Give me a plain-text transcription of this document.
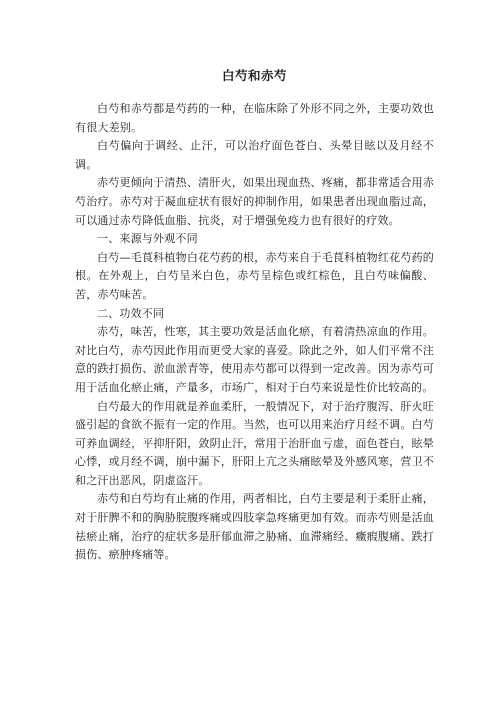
白芍和赤芍

白芍和赤芍都是芍药的一种，在临床除了外形不同之外，主要功效也有很大差别。

白芍偏向于调经、止汗，可以治疗面色苍白、头晕目眩以及月经不调。

赤芍更倾向于清热、清肝火，如果出现血热、疼痛，都非常适合用赤芍治疗。赤芍对于凝血症状有很好的抑制作用，如果患者出现血脂过高，可以通过赤芍降低血脂、抗炎，对于增强免疫力也有很好的疗效。

一、来源与外观不同

白芍—毛茛科植物白花芍药的根，赤芍来自于毛茛科植物红花芍药的根。在外观上，白芍呈米白色，赤芍呈棕色或红棕色，且白芍味偏酸、苦，赤芍味苦。

二、功效不同

赤芍，味苦，性寒，其主要功效是活血化瘀，有着清热凉血的作用。对比白芍，赤芍因此作用而更受大家的喜爱。除此之外，如人们平常不注意的跌打损伤、淤血淤青等，使用赤芍都可以得到一定改善。因为赤芍可用于活血化瘀止痛，产量多，市场广，相对于白芍来说是性价比较高的。

白芍最大的作用就是养血柔肝，一般情况下，对于治疗腹泻、肝火旺盛引起的食欲不振有一定的作用。当然，也可以用来治疗月经不调。白芍可养血调经，平抑肝阳，敛阴止汗，常用于治肝血亏虚，面色苍白，眩晕心悸，或月经不调，崩中漏下，肝阳上亢之头痛眩晕及外感风寒，营卫不和之汗出恶风，阴虚盗汗。

赤芍和白芍均有止痛的作用，两者相比，白芍主要是利于柔肝止痛，对于肝脾不和的胸胁脘腹疼痛或四肢挛急疼痛更加有效。而赤芍则是活血祛瘀止痛，治疗的症状多是肝郁血滞之胁痛、血滞痛经、癥瘕腹痛、跌打损伤、瘀肿疼痛等。
